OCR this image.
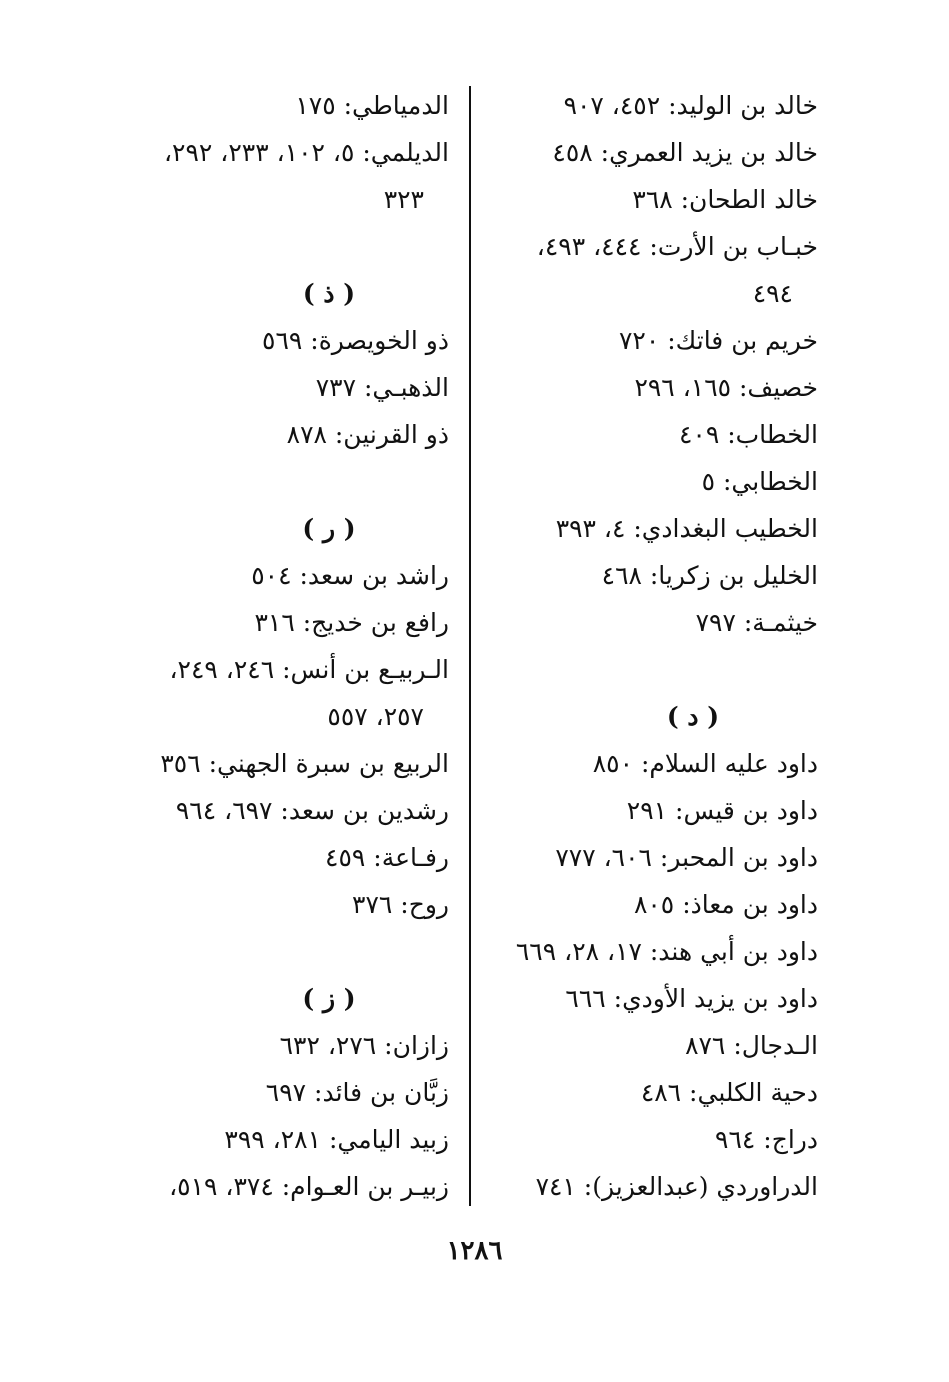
خالد بن الوليد: ٤٥٢، ٩٠٧
خالد بن يزيد العمري: ٤٥٨
خالد الطحان: ٣٦٨
خبـاب بن الأرت: ٤٤٤، ٤٩٣،
٤٩٤
خريم بن فاتك: ٧٢٠
خصيف: ١٦٥، ٢٩٦
الخطاب: ٤٠٩
الخطابي: ٥
الخطيب البغدادي: ٤، ٣٩٣
الخليل بن زكريا: ٤٦٨
خيثمـة: ٧٩٧
( د )
داود عليه السلام: ٨٥٠
داود بن قيس: ٢٩١
داود بن المحبر: ٦٠٦، ٧٧٧
داود بن معاذ: ٨٠٥
داود بن أبي هند: ١٧، ٢٨، ٦٦٩
داود بن يزيد الأودي: ٦٦٦
الـدجال: ٨٧٦
دحية الكلبي: ٤٨٦
دراج: ٩٦٤
الدراوردي (عبدالعزيز): ٧٤١
الدمياطي: ١٧٥
الديلمي: ٥، ١٠٢، ٢٣٣، ٢٩٢،
٣٢٣
( ذ )
ذو الخويصرة: ٥٦٩
الذهبـي: ٧٣٧
ذو القرنين: ٨٧٨
( ر )
راشد بن سعد: ٥٠٤
رافع بن خديج: ٣١٦
الـربيـع بن أنس: ٢٤٦، ٢٤٩،
٢٥٧، ٥٥٧
الربيع بن سبرة الجهني: ٣٥٦
رشدين بن سعد: ٦٩٧، ٩٦٤
رفـاعة: ٤٥٩
روح: ٣٧٦
( ز )
زازان: ٢٧٦، ٦٣٢
زبَّان بن فائد: ٦٩٧
زبيد اليامي: ٢٨١، ٣٩٩
زبيـر بن العـوام: ٣٧٤، ٥١٩،
١٢٨٦
